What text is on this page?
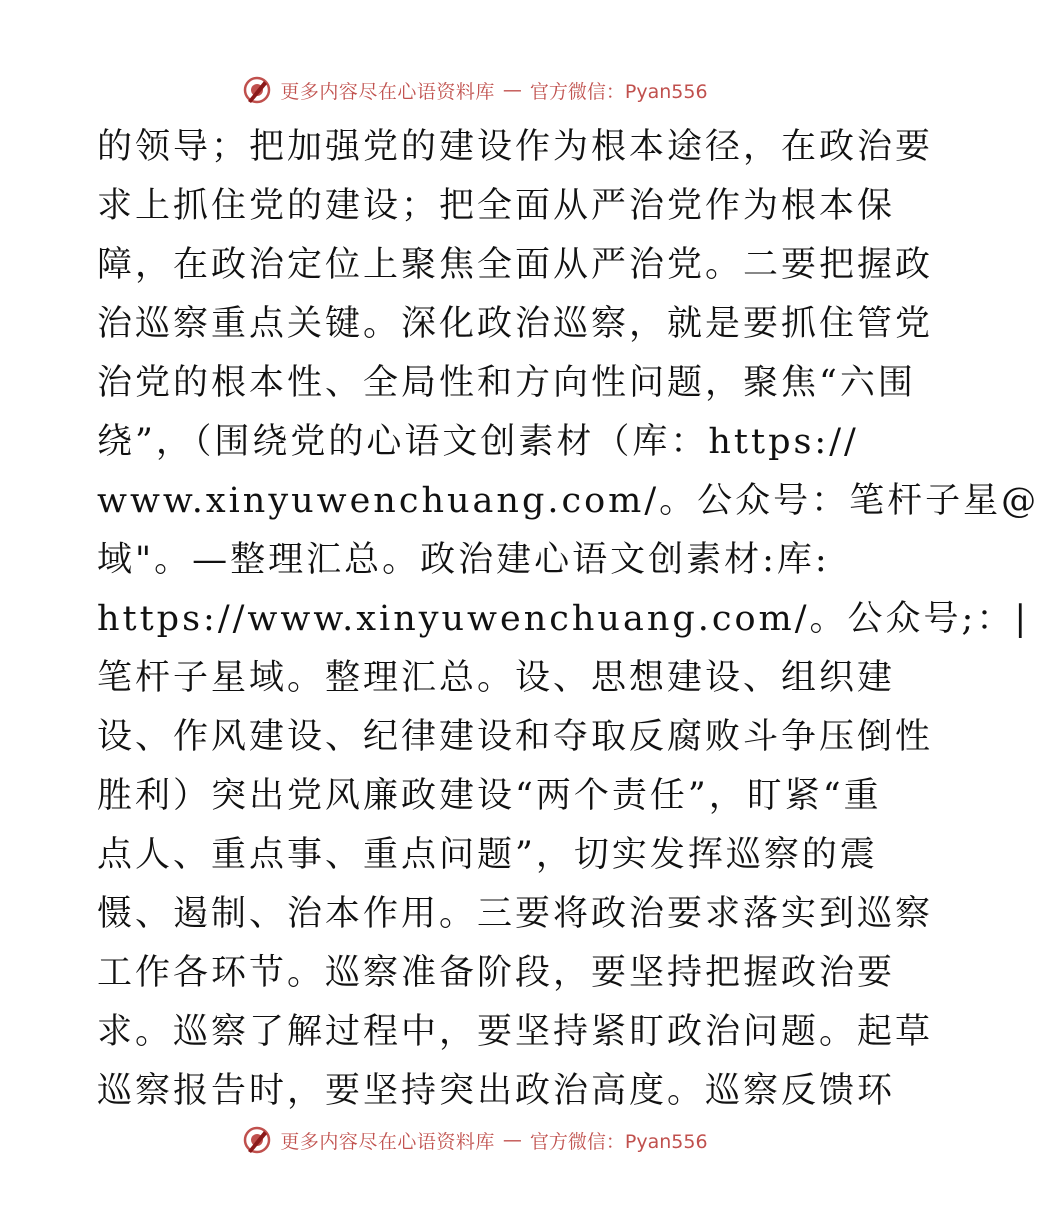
更多内容尽在心语资料库 — 官方微信：Pyan556
的领导；把加强党的建设作为根本途径，在政治要
求上抓住党的建设；把全面从严治党作为根本保
障，在政治定位上聚焦全面从严治党。二要把握政
治巡察重点关键。深化政治巡察，就是要抓住管党
治党的根本性、全局性和方向性问题，聚焦“六围
绕”，（围绕党的心语文创素材（库：https://
www.xinyuwenchuang.com/。公众号：笔杆子星@
域"。—整理汇总。政治建心语文创素材:库:
https://www.xinyuwenchuang.com/。公众号;：|
笔杆子星域。整理汇总。设、思想建设、组织建
设、作风建设、纪律建设和夺取反腐败斗争压倒性
胜利）突出党风廉政建设“两个责任”，盯紧“重
点人、重点事、重点问题”，切实发挥巡察的震
慑、遏制、治本作用。三要将政治要求落实到巡察
工作各环节。巡察准备阶段，要坚持把握政治要
求。巡察了解过程中，要坚持紧盯政治问题。起草
巡察报告时，要坚持突出政治高度。巡察反馈环
更多内容尽在心语资料库 — 官方微信：Pyan556
